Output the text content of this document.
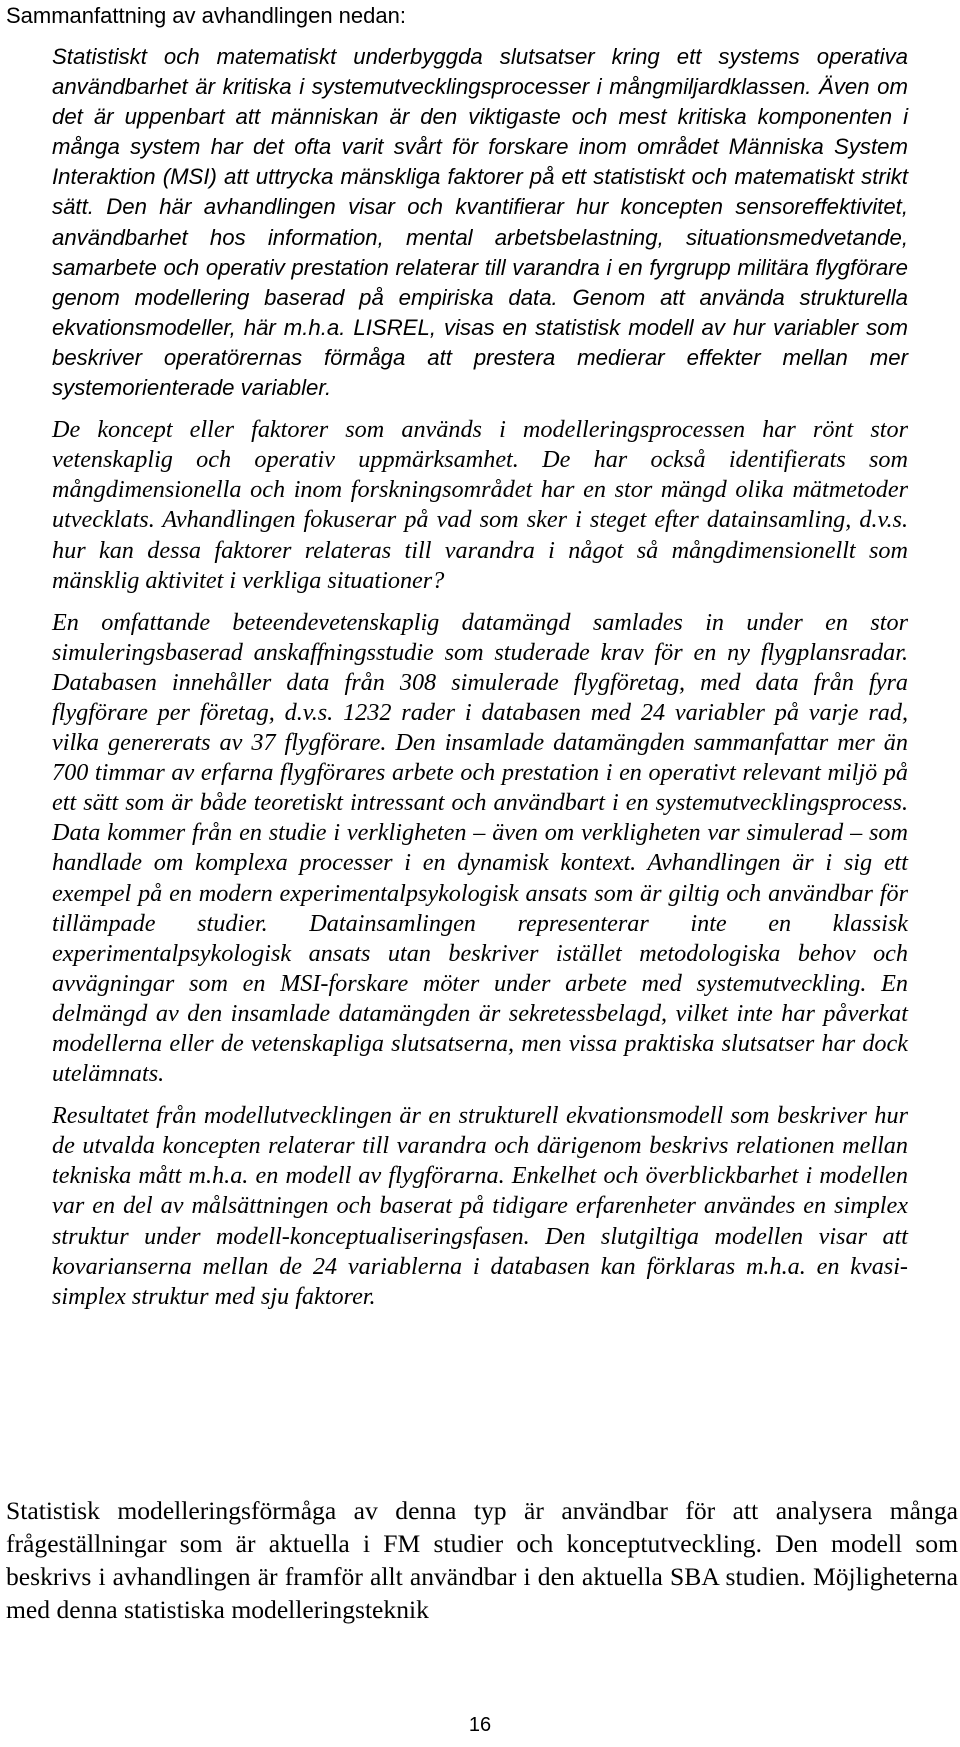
Sammanfattning av avhandlingen nedan:

Statistiskt och matematiskt underbyggda slutsatser kring ett systems operativa användbarhet är kritiska i systemutvecklingsprocesser i mångmiljardklassen. Även om det är uppenbart att människan är den viktigaste och mest kritiska komponenten i många system har det ofta varit svårt för forskare inom området Människa System Interaktion (MSI) att uttrycka mänskliga faktorer på ett statistiskt och matematiskt strikt sätt. Den här avhandlingen visar och kvantifierar hur koncepten sensoreffektivitet, användbarhet hos information, mental arbetsbelastning, situationsmedvetande, samarbete och operativ prestation relaterar till varandra i en fyrgrupp militära flygförare genom modellering baserad på empiriska data. Genom att använda strukturella ekvationsmodeller, här m.h.a. LISREL, visas en statistisk modell av hur variabler som beskriver operatörernas förmåga att prestera medierar effekter mellan mer systemorienterade variabler.

De koncept eller faktorer som används i modelleringsprocessen har rönt stor vetenskaplig och operativ uppmärksamhet. De har också identifierats som mångdimensionella och inom forskningsområdet har en stor mängd olika mätmetoder utvecklats. Avhandlingen fokuserar på vad som sker i steget efter datainsamling, d.v.s. hur kan dessa faktorer relateras till varandra i något så mångdimensionellt som mänsklig aktivitet i verkliga situationer?

En omfattande beteendevetenskaplig datamängd samlades in under en stor simuleringsbaserad anskaffningsstudie som studerade krav för en ny flygplansradar. Databasen innehåller data från 308 simulerade flygföretag, med data från fyra flygförare per företag, d.v.s. 1232 rader i databasen med 24 variabler på varje rad, vilka genererats av 37 flygförare. Den insamlade datamängden sammanfattar mer än 700 timmar av erfarna flygförares arbete och prestation i en operativt relevant miljö på ett sätt som är både teoretiskt intressant och användbart i en systemutvecklingsprocess. Data kommer från en studie i verkligheten – även om verkligheten var simulerad – som handlade om komplexa processer i en dynamisk kontext. Avhandlingen är i sig ett exempel på en modern experimentalpsykologisk ansats som är giltig och användbar för tillämpade studier. Datainsamlingen representerar inte en klassisk experimentalpsykologisk ansats utan beskriver istället metodologiska behov och avvägningar som en MSI-forskare möter under arbete med systemutveckling. En delmängd av den insamlade datamängden är sekretessbelagd, vilket inte har påverkat modellerna eller de vetenskapliga slutsatserna, men vissa praktiska slutsatser har dock utelämnats.

Resultatet från modellutvecklingen är en strukturell ekvationsmodell som beskriver hur de utvalda koncepten relaterar till varandra och därigenom beskrivs relationen mellan tekniska mått m.h.a. en modell av flygförarna. Enkelhet och överblickbarhet i modellen var en del av målsättningen och baserat på tidigare erfarenheter användes en simplex struktur under modell-konceptualiseringsfasen. Den slutgiltiga modellen visar att kovarianserna mellan de 24 variablerna i databasen kan förklaras m.h.a. en kvasi-simplex struktur med sju faktorer.

Statistisk modelleringsförmåga av denna typ är användbar för att analysera många frågeställningar som är aktuella i FM studier och konceptutveckling. Den modell som beskrivs i avhandlingen är framför allt användbar i den aktuella SBA studien. Möjligheterna med denna statistiska modelleringsteknik

16
